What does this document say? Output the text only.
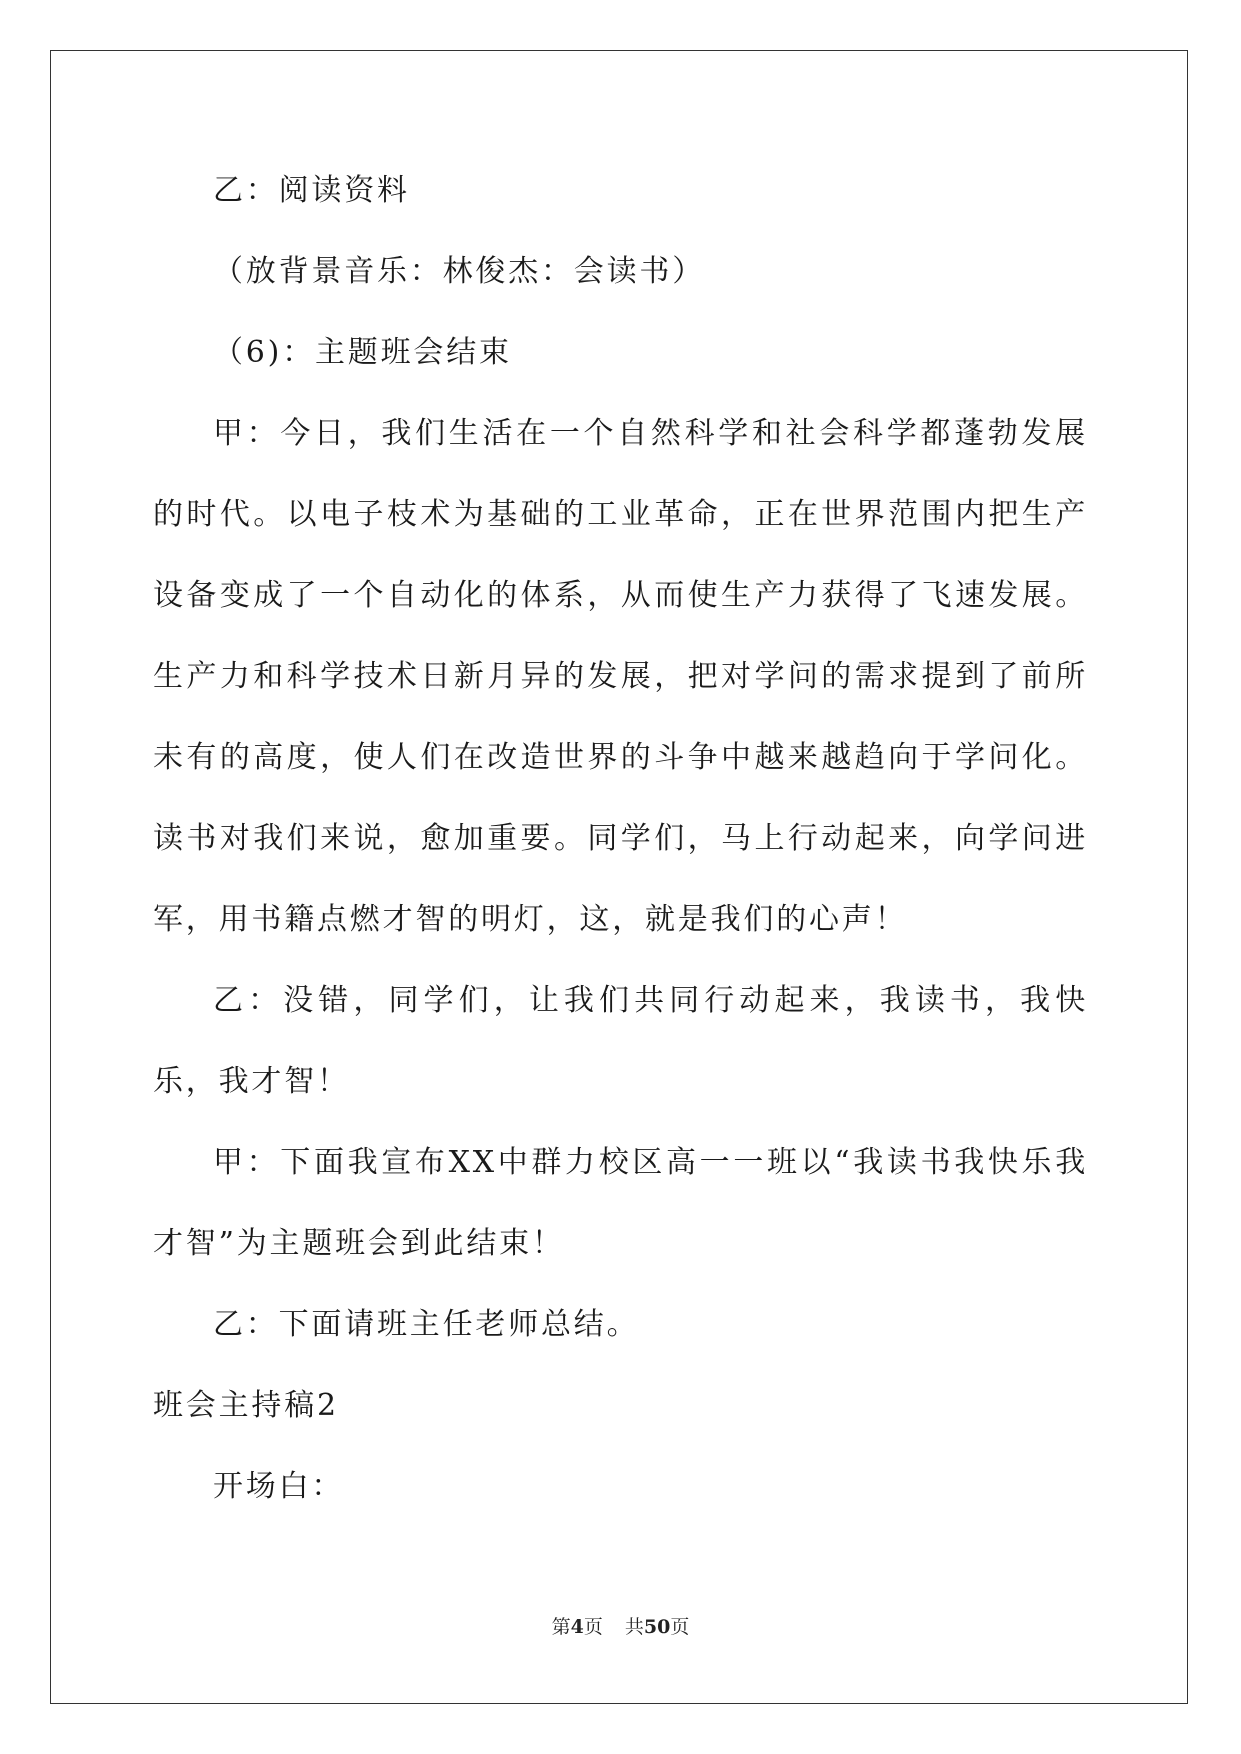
乙：阅读资料

（放背景音乐：林俊杰：会读书）

（6)：主题班会结束

甲：今日，我们生活在一个自然科学和社会科学都蓬勃发展的时代。以电子枝术为基础的工业革命，正在世界范围内把生产设备变成了一个自动化的体系，从而使生产力获得了飞速发展。生产力和科学技术日新月异的发展，把对学问的需求提到了前所未有的高度，使人们在改造世界的斗争中越来越趋向于学问化。读书对我们来说，愈加重要。同学们，马上行动起来，向学问进军，用书籍点燃才智的明灯，这，就是我们的心声！

乙：没错，同学们，让我们共同行动起来，我读书，我快乐，我才智！

甲：下面我宣布XX中群力校区高一一班以“我读书我快乐我才智”为主题班会到此结束！

乙：下面请班主任老师总结。

班会主持稿2

开场白：

第4页 共50页
